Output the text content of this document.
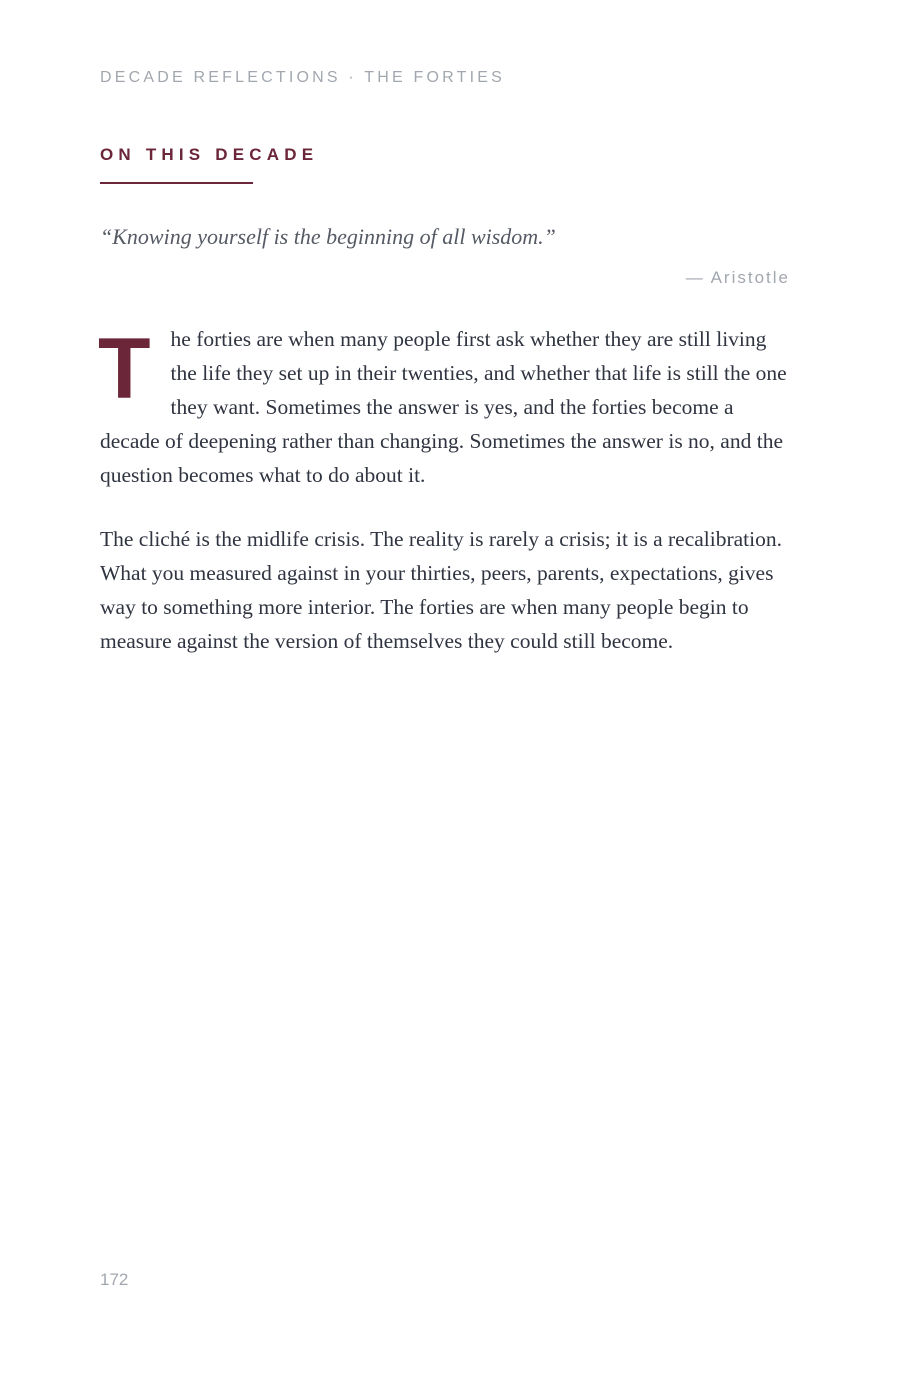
DECADE REFLECTIONS · THE FORTIES
ON THIS DECADE
“Knowing yourself is the beginning of all wisdom.”
— Aristotle

The forties are when many people first ask whether they are still living the life they set up in their twenties, and whether that life is still the one they want. Sometimes the answer is yes, and the forties become a decade of deepening rather than changing. Sometimes the answer is no, and the question becomes what to do about it.

The cliché is the midlife crisis. The reality is rarely a crisis; it is a recalibration. What you measured against in your thirties, peers, parents, expectations, gives way to something more interior. The forties are when many people begin to measure against the version of themselves they could still become.

172
